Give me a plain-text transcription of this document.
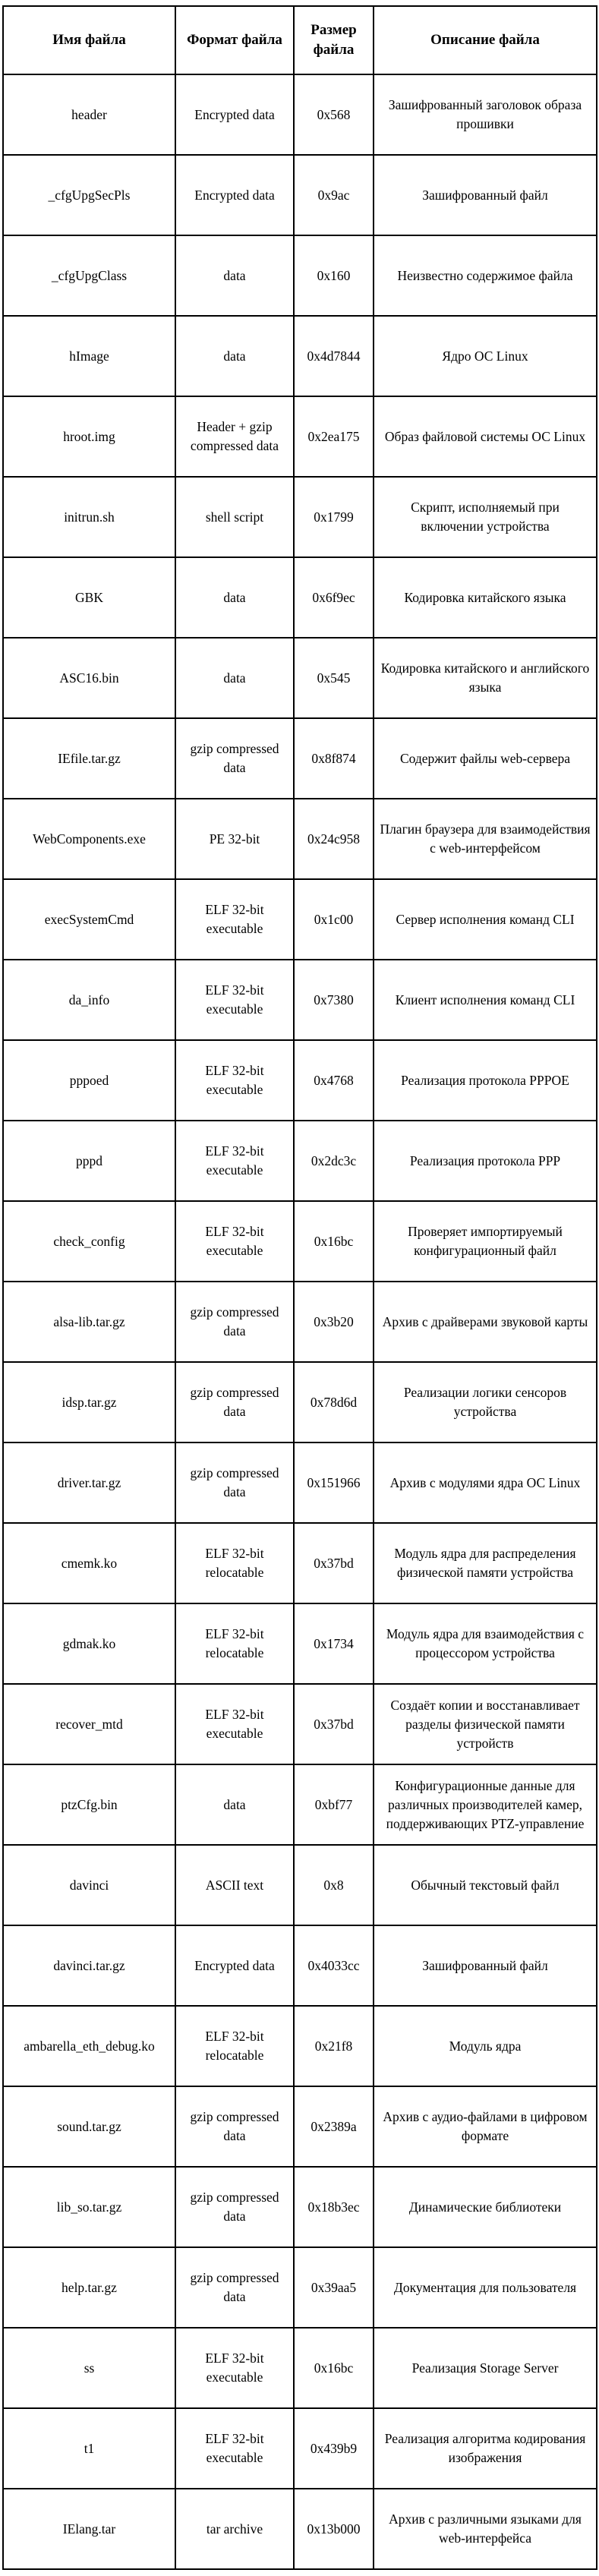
Имя файла	Формат файла	Размер файла	Описание файла
header	Encrypted data	0x568	Зашифрованный заголовок образа прошивки
_cfgUpgSecPls	Encrypted data	0x9ac	Зашифрованный файл
_cfgUpgClass	data	0x160	Неизвестно содержимое файла
hImage	data	0x4d7844	Ядро ОС Linux
hroot.img	Header + gzip compressed data	0x2ea175	Образ файловой системы ОС Linux
initrun.sh	shell script	0x1799	Скрипт, исполняемый при включении устройства
GBK	data	0x6f9ec	Кодировка китайского языка
ASC16.bin	data	0x545	Кодировка китайского и английского языка
IEfile.tar.gz	gzip compressed data	0x8f874	Содержит файлы web-сервера
WebComponents.exe	PE 32-bit	0x24c958	Плагин браузера для взаимодействия с web-интерфейсом
execSystemCmd	ELF 32-bit executable	0x1c00	Сервер исполнения команд CLI
da_info	ELF 32-bit executable	0x7380	Клиент исполнения команд CLI
pppoed	ELF 32-bit executable	0x4768	Реализация протокола PPPOE
pppd	ELF 32-bit executable	0x2dc3c	Реализация протокола PPP
check_config	ELF 32-bit executable	0x16bc	Проверяет импортируемый конфигурационный файл
alsa-lib.tar.gz	gzip compressed data	0x3b20	Архив с драйверами звуковой карты
idsp.tar.gz	gzip compressed data	0x78d6d	Реализации логики сенсоров устройства
driver.tar.gz	gzip compressed data	0x151966	Архив с модулями ядра ОС Linux
cmemk.ko	ELF 32-bit relocatable	0x37bd	Модуль ядра для распределения физической памяти устройства
gdmak.ko	ELF 32-bit relocatable	0x1734	Модуль ядра для взаимодействия с процессором устройства
recover_mtd	ELF 32-bit executable	0x37bd	Создаёт копии и восстанавливает разделы физической памяти устройств
ptzCfg.bin	data	0xbf77	Конфигурационные данные для различных производителей камер, поддерживающих PTZ-управление
davinci	ASCII text	0x8	Обычный текстовый файл
davinci.tar.gz	Encrypted data	0x4033cc	Зашифрованный файл
ambarella_eth_debug.ko	ELF 32-bit relocatable	0x21f8	Модуль ядра
sound.tar.gz	gzip compressed data	0x2389a	Архив с аудио-файлами в цифровом формате
lib_so.tar.gz	gzip compressed data	0x18b3ec	Динамические библиотеки
help.tar.gz	gzip compressed data	0x39aa5	Документация для пользователя
ss	ELF 32-bit executable	0x16bc	Реализация Storage Server
t1	ELF 32-bit executable	0x439b9	Реализация алгоритма кодирования изображения
IElang.tar	tar archive	0x13b000	Архив с различными языками для web-интерфейса
